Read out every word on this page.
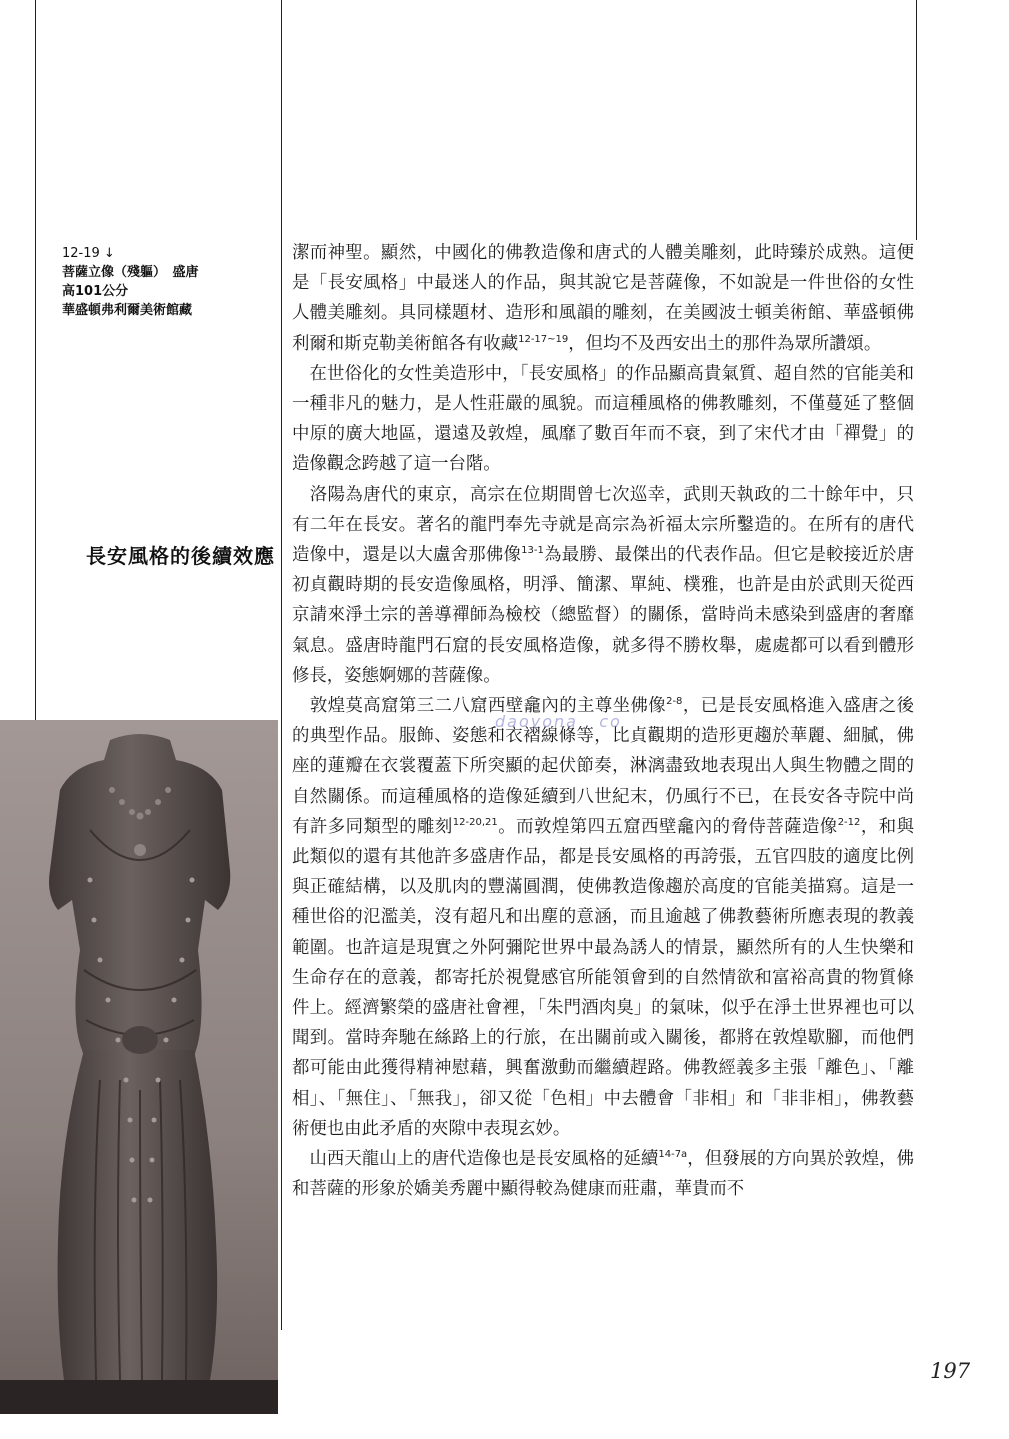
12-19 ↓
菩薩立像（殘軀）　盛唐
高101公分
華盛頓弗利爾美術館藏
長安風格的後續效應

潔而神聖。顯然，中國化的佛教造像和唐式的人體美雕刻，此時臻於成熟。這便是「長安風格」中最迷人的作品，與其說它是菩薩像，不如說是一件世俗的女性人體美雕刻。具同樣題材、造形和風韻的雕刻，在美國波士頓美術館、華盛頓佛利爾和斯克勒美術館各有收藏$^{12-17\sim 19}$，但均不及西安出土的那件為眾所讚頌。

　在世俗化的女性美造形中，「長安風格」的作品顯高貴氣質、超自然的官能美和一種非凡的魅力，是人性莊嚴的風貌。而這種風格的佛教雕刻，不僅蔓延了整個中原的廣大地區，還遠及敦煌，風靡了數百年而不衰，到了宋代才由「禪覺」的造像觀念跨越了這一台階。

　洛陽為唐代的東京，高宗在位期間曾七次巡幸，武則天執政的二十餘年中，只有二年在長安。著名的龍門奉先寺就是高宗為祈福太宗所鑿造的。在所有的唐代造像中，還是以大盧舍那佛像$^{13-1}$為最勝、最傑出的代表作品。但它是較接近於唐初貞觀時期的長安造像風格，明淨、簡潔、單純、樸雅，也許是由於武則天從西京請來淨土宗的善導禪師為檢校（總監督）的關係，當時尚未感染到盛唐的奢靡氣息。盛唐時龍門石窟的長安風格造像，就多得不勝枚舉，處處都可以看到體形修長，姿態婀娜的菩薩像。

　敦煌莫高窟第三二八窟西壁龕內的主尊坐佛像$^{2-8}$，已是長安風格進入盛唐之後的典型作品。服飾、姿態和衣褶線條等，比貞觀期的造形更趨於華麗、細膩，佛座的蓮瓣在衣裳覆蓋下所突顯的起伏節奏，淋漓盡致地表現出人與生物體之間的自然關係。而這種風格的造像延續到八世紀末，仍風行不已，在長安各寺院中尚有許多同類型的雕刻$^{12-20,21}$。而敦煌第四五窟西壁龕內的脅侍菩薩造像$^{2-12}$，和與此類似的還有其他許多盛唐作品，都是長安風格的再誇張，五官四肢的適度比例與正確結構，以及肌肉的豐滿圓潤，使佛教造像趨於高度的官能美描寫。這是一種世俗的氾濫美，沒有超凡和出塵的意涵，而且逾越了佛教藝術所應表現的教義範圍。也許這是現實之外阿彌陀世界中最為誘人的情景，顯然所有的人生快樂和生命存在的意義，都寄托於視覺感官所能領會到的自然情欲和富裕高貴的物質條件上。經濟繁榮的盛唐社會裡，「朱門酒肉臭」的氣味，似乎在淨土世界裡也可以聞到。當時奔馳在絲路上的行旅，在出關前或入關後，都將在敦煌歇腳，而他們都可能由此獲得精神慰藉，興奮激動而繼續趕路。佛教經義多主張「離色」、「離相」、「無住」、「無我」，卻又從「色相」中去體會「非相」和「非非相」，佛教藝術便也由此矛盾的夾隙中表現玄妙。

　山西天龍山上的唐代造像也是長安風格的延續$^{14-7a}$，但發展的方向異於敦煌，佛和菩薩的形象於嬌美秀麗中顯得較為健康而莊肅，華貴而不

daoyona . co
197
